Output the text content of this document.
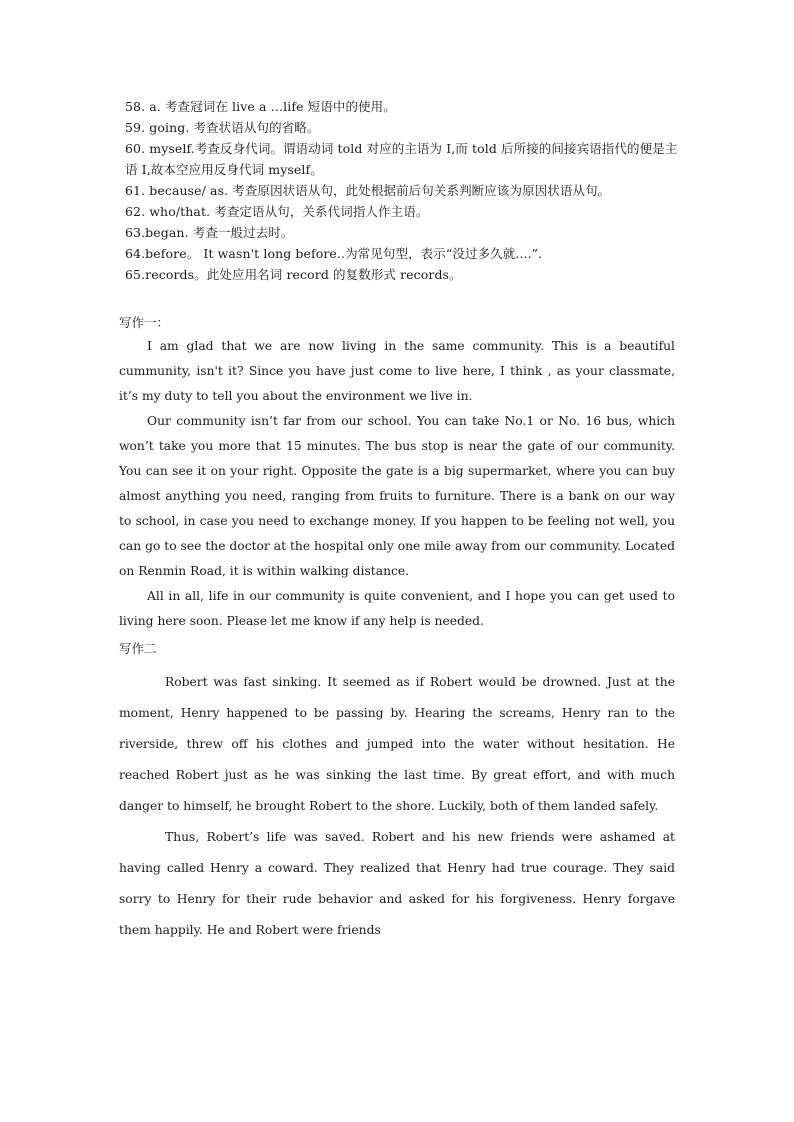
58. a. 考查冠词在 live a …life 短语中的使用。
59. going. 考查状语从句的省略。
60. myself.考查反身代词。谓语动词 told 对应的主语为 I,而 told 后所接的间接宾语指代的便是主语 I,故本空应用反身代词 myself。
61. because/ as. 考查原因状语从句，此处根据前后句关系判断应该为原因状语从句。
62. who/that. 考查定语从句，关系代词指人作主语。
63.began. 考查一般过去时。
64.before。 It wasn't long before..为常见句型，表示“没过多久就....”.
65.records。此处应用名词 record 的复数形式 records。
写作一：

I am glad that we are now living in the same community. This is a beautiful cummunity, isn't it? Since you have just come to live here, I think , as your classmate, it’s my duty to tell you about the environment we live in.

Our community isn’t far from our school. You can take No.1 or No. 16 bus, which won’t take you more that 15 minutes. The bus stop is near the gate of our community. You can see it on your right. Opposite the gate is a big supermarket, where you can buy almost anything you need, ranging from fruits to furniture. There is a bank on our way to school, in case you need to exchange money. If you happen to be feeling not well, you can go to see the doctor at the hospital only one mile away from our community. Located on Renmin Road, it is within walking distance.

All in all, life in our community is quite convenient, and I hope you can get used to living here soon. Please let me know if any help is needed.

写作二

Robert was fast sinking. It seemed as if Robert would be drowned. Just at the moment, Henry happened to be passing by. Hearing the screams, Henry ran to the riverside, threw off his clothes and jumped into the water without hesitation. He reached Robert just as he was sinking the last time. By great effort, and with much danger to himself, he brought Robert to the shore. Luckily, both of them landed safely.

Thus, Robert’s life was saved. Robert and his new friends were ashamed at having called Henry a coward. They realized that Henry had true courage. They said sorry to Henry for their rude behavior and asked for his forgiveness. Henry forgave them happily. He and Robert were friends
